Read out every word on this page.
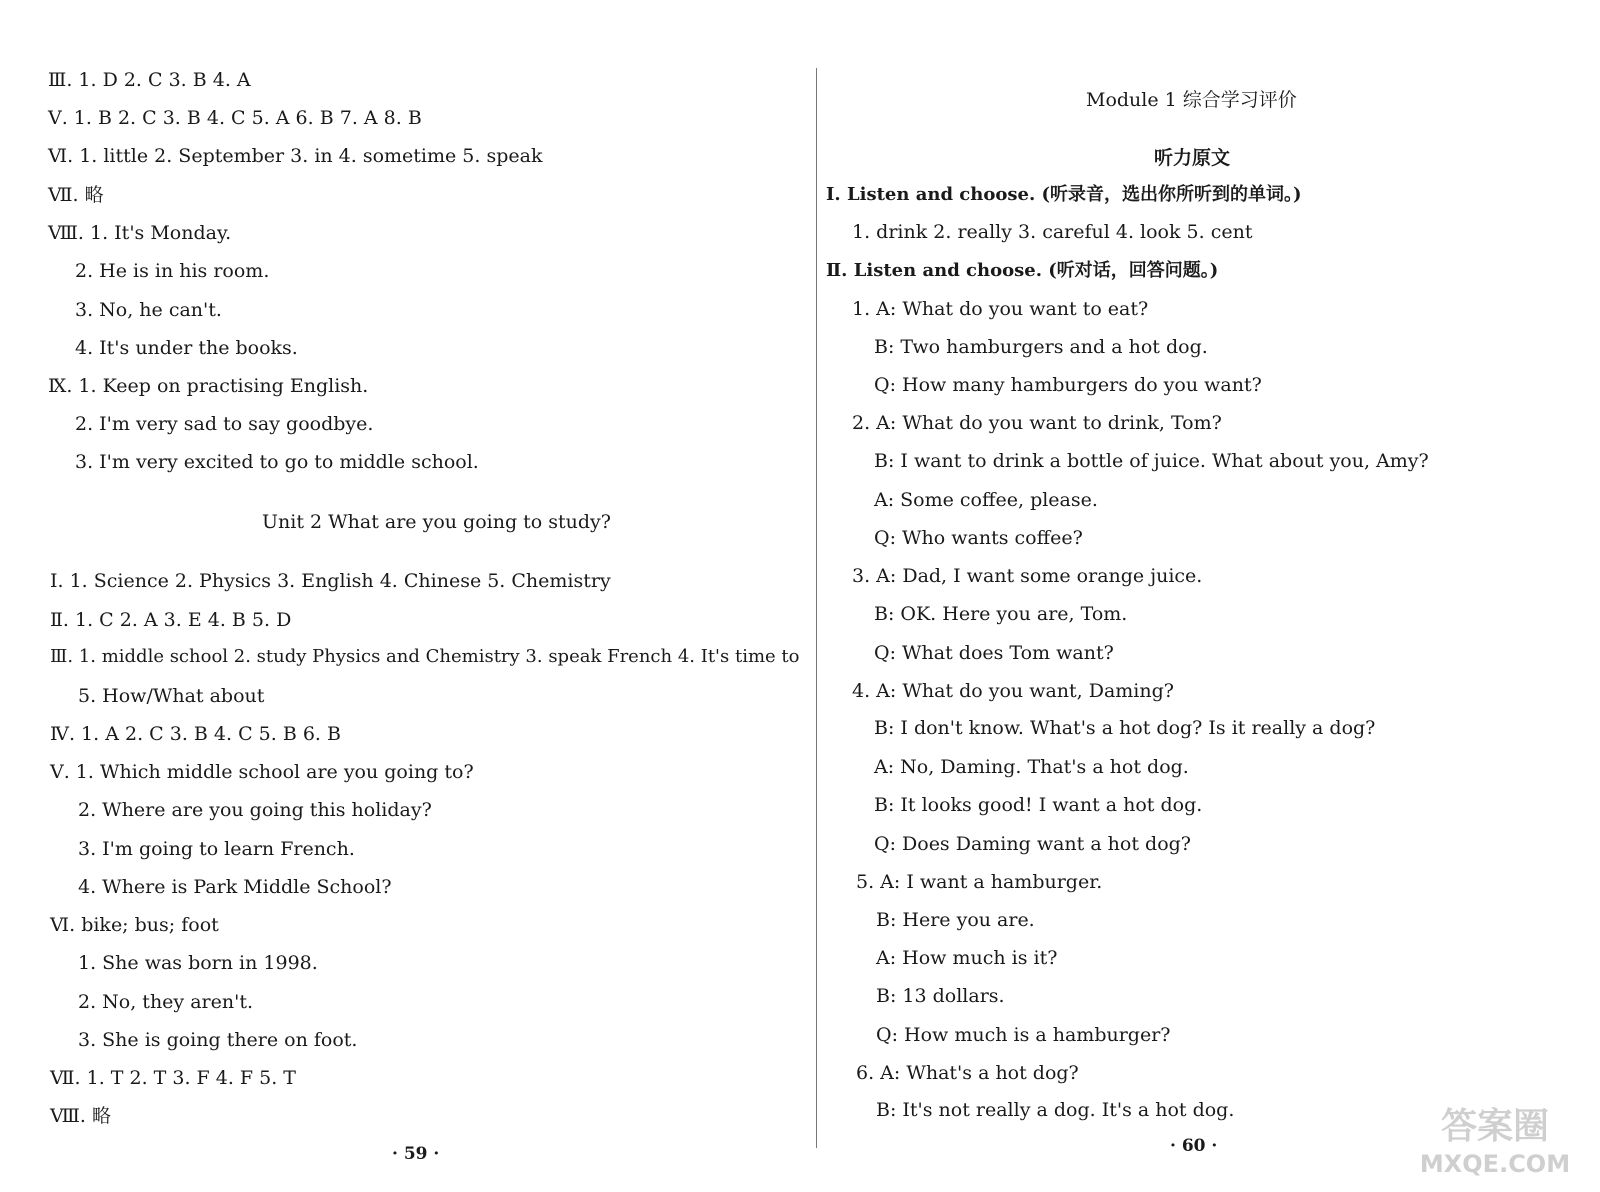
Ⅲ. 1. D 2. C 3. B 4. A
Ⅴ. 1. B 2. C 3. B 4. C 5. A 6. B 7. A 8. B
Ⅵ. 1. little 2. September 3. in 4. sometime 5. speak
Ⅶ. 略
Ⅷ. 1. It's Monday.
2. He is in his room.
3. No, he can't.
4. It's under the books.
Ⅸ. 1. Keep on practising English.
2. I'm very sad to say goodbye.
3. I'm very excited to go to middle school.
Unit 2 What are you going to study?
Ⅰ. 1. Science 2. Physics 3. English 4. Chinese 5. Chemistry
Ⅱ. 1. C 2. A 3. E 4. B 5. D
Ⅲ. 1. middle school 2. study Physics and Chemistry 3. speak French 4. It's time to
5. How/What about
Ⅳ. 1. A 2. C 3. B 4. C 5. B 6. B
Ⅴ. 1. Which middle school are you going to?
2. Where are you going this holiday?
3. I'm going to learn French.
4. Where is Park Middle School?
Ⅵ. bike; bus; foot
1. She was born in 1998.
2. No, they aren't.
3. She is going there on foot.
Ⅶ. 1. T 2. T 3. F 4. F 5. T
Ⅷ. 略
· 59 ·
Module 1 综合学习评价
听力原文
Ⅰ. Listen and choose. (听录音，选出你所听到的单词。)
1. drink 2. really 3. careful 4. look 5. cent
Ⅱ. Listen and choose. (听对话，回答问题。)
1. A: What do you want to eat?
B: Two hamburgers and a hot dog.
Q: How many hamburgers do you want?
2. A: What do you want to drink, Tom?
B: I want to drink a bottle of juice. What about you, Amy?
A: Some coffee, please.
Q: Who wants coffee?
3. A: Dad, I want some orange juice.
B: OK. Here you are, Tom.
Q: What does Tom want?
4. A: What do you want, Daming?
B: I don't know. What's a hot dog? Is it really a dog?
A: No, Daming. That's a hot dog.
B: It looks good! I want a hot dog.
Q: Does Daming want a hot dog?
5. A: I want a hamburger.
B: Here you are.
A: How much is it?
B: 13 dollars.
Q: How much is a hamburger?
6. A: What's a hot dog?
B: It's not really a dog. It's a hot dog.
· 60 ·	答案圈
MXQE.COM
